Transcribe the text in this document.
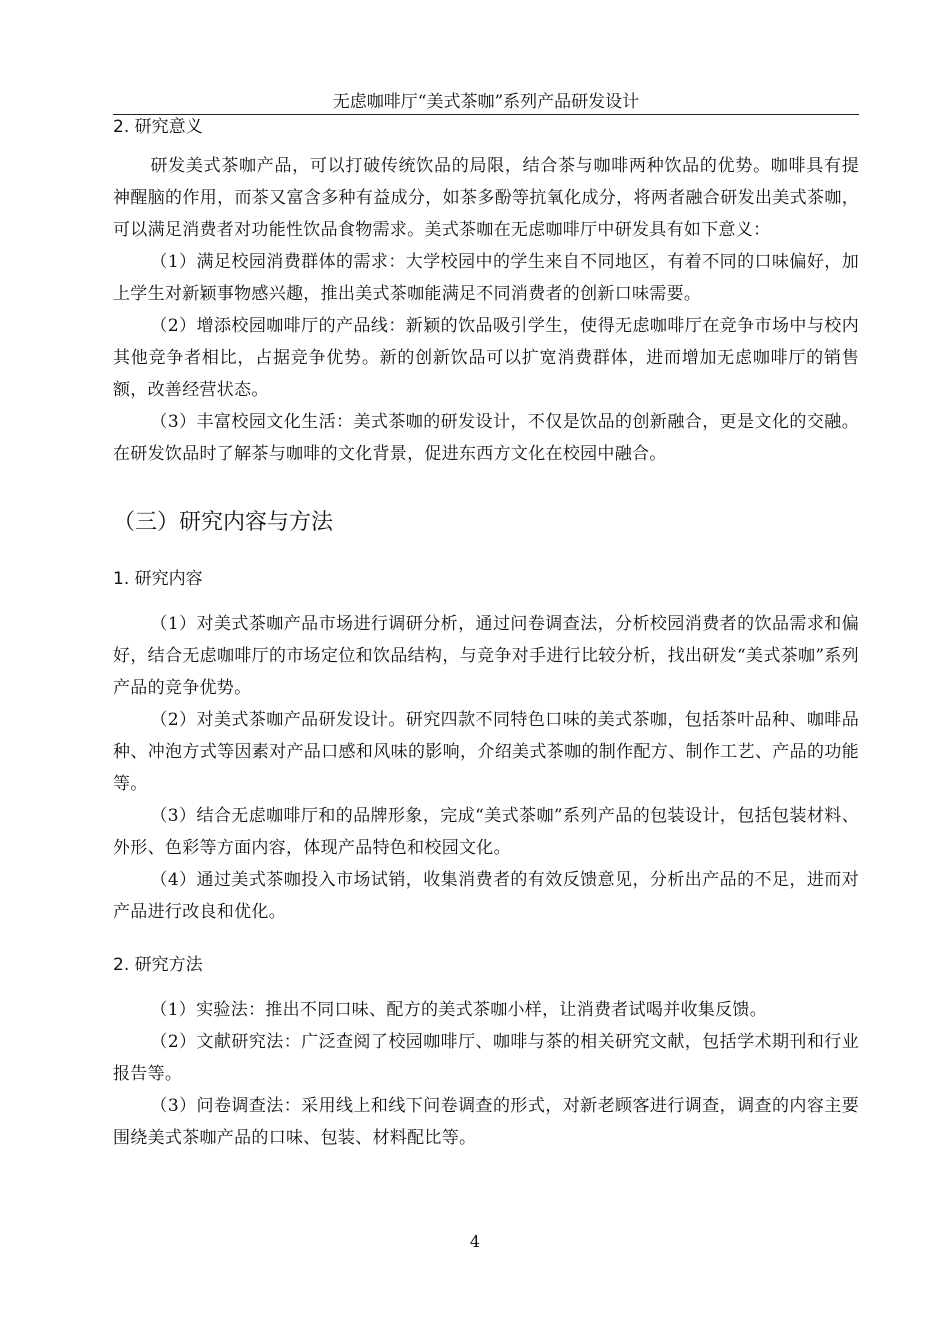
无虑咖啡厅“美式茶咖”系列产品研发设计
2. 研究意义

研发美式茶咖产品，可以打破传统饮品的局限，结合茶与咖啡两种饮品的优势。咖啡具有提神醒脑的作用，而茶又富含多种有益成分，如茶多酚等抗氧化成分，将两者融合研发出美式茶咖，可以满足消费者对功能性饮品食物需求。美式茶咖在无虑咖啡厅中研发具有如下意义：

（1）满足校园消费群体的需求：大学校园中的学生来自不同地区，有着不同的口味偏好，加上学生对新颖事物感兴趣，推出美式茶咖能满足不同消费者的创新口味需要。

（2）增添校园咖啡厅的产品线：新颖的饮品吸引学生，使得无虑咖啡厅在竞争市场中与校内其他竞争者相比，占据竞争优势。新的创新饮品可以扩宽消费群体，进而增加无虑咖啡厅的销售额，改善经营状态。

（3）丰富校园文化生活：美式茶咖的研发设计，不仅是饮品的创新融合，更是文化的交融。在研发饮品时了解茶与咖啡的文化背景，促进东西方文化在校园中融合。

（三）研究内容与方法
1. 研究内容

（1）对美式茶咖产品市场进行调研分析，通过问卷调查法，分析校园消费者的饮品需求和偏好，结合无虑咖啡厅的市场定位和饮品结构，与竞争对手进行比较分析，找出研发“美式茶咖”系列产品的竞争优势。

（2）对美式茶咖产品研发设计。研究四款不同特色口味的美式茶咖，包括茶叶品种、咖啡品种、冲泡方式等因素对产品口感和风味的影响，介绍美式茶咖的制作配方、制作工艺、产品的功能等。

（3）结合无虑咖啡厅和的品牌形象，完成“美式茶咖”系列产品的包装设计，包括包装材料、外形、色彩等方面内容，体现产品特色和校园文化。

（4）通过美式茶咖投入市场试销，收集消费者的有效反馈意见，分析出产品的不足，进而对产品进行改良和优化。

2. 研究方法

（1）实验法：推出不同口味、配方的美式茶咖小样，让消费者试喝并收集反馈。

（2）文献研究法：广泛查阅了校园咖啡厅、咖啡与茶的相关研究文献，包括学术期刊和行业报告等。

（3）问卷调查法：采用线上和线下问卷调查的形式，对新老顾客进行调查，调查的内容主要围绕美式茶咖产品的口味、包装、材料配比等。

4
